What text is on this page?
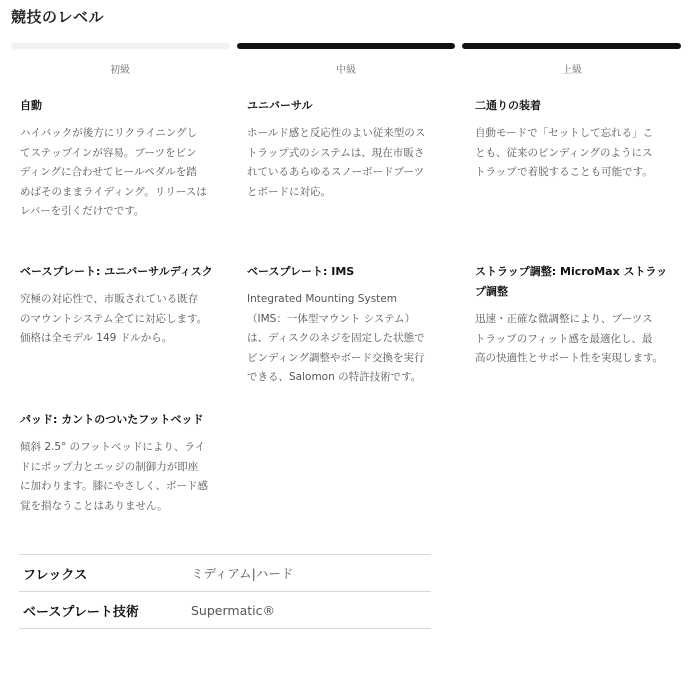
競技のレベル
初級	中級	上級
自動
ハイバックが後方にリクライニングし
てステップインが容易。ブーツをビン
ディングに合わせてヒールペダルを踏
めばそのままライディング。リリースは
レバーを引くだけでです。
ユニバーサル
ホールド感と反応性のよい従来型のス
トラップ式のシステムは、現在市販さ
れているあらゆるスノーボードブーツ
とボードに対応。
二通りの装着
自動モードで「セットして忘れる」こ
とも、従来のビンディングのようにス
トラップで着脱することも可能です。
ベースプレート: ユニバーサルディスク
究極の対応性で、市販されている既存
のマウントシステム全てに対応します。
価格は全モデル 149 ドルから。
ベースプレート: IMS
Integrated Mounting System
（IMS：一体型マウント システム）
は、ディスクのネジを固定した状態で
ビンディング調整やボード交換を実行
できる、Salomon の特許技術です。
ストラップ調整: MicroMax ストラッ
プ調整
迅速・正確な微調整により、ブーツス
トラップのフィット感を最適化し、最
高の快適性とサポート性を実現します。
パッド: カントのついたフットベッド
傾斜 2.5° のフットベッドにより、ライ
ドにポップ力とエッジの制御力が即座
に加わります。膝にやさしく、ボード感
覚を損なうことはありません。
フレックス	ミディアム|ハード
ベースプレート技術	Supermatic®
